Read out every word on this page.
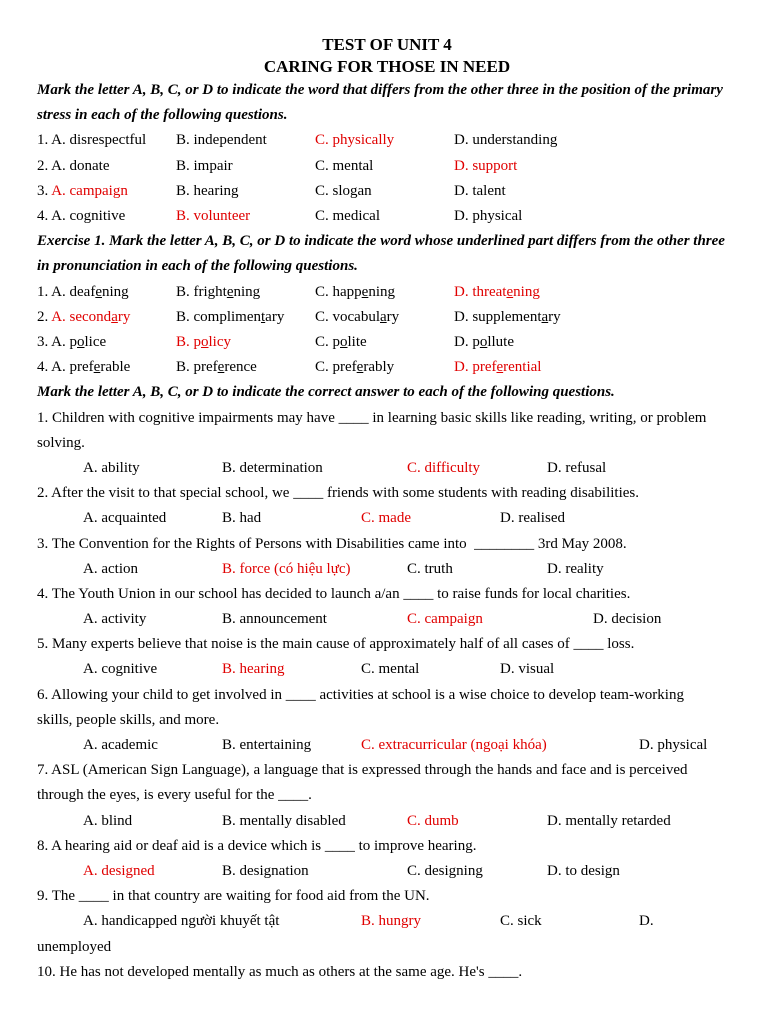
TEST OF UNIT 4
CARING FOR THOSE IN NEED
Mark the letter A, B, C, or D to indicate the word that differs from the other three in the position of the primary stress in each of the following questions.
1. A. disrespectful B. independent	C. physically	D. understanding
2. A. donate	B. impair	C. mental	D. support
3. A. campaign	B. hearing	C. slogan	D. talent
4. A. cognitive	B. volunteer	C. medical	D. physical
Exercise 1. Mark the letter A, B, C, or D to indicate the word whose underlined part differs from the other three in pronunciation in each of the following questions.
1. A. deafening	B. frightening	C. happening	D. threatening
2. A. secondary	B. complimentary C. vocabulary	D. supplementary
3. A. police	B. policy	C. polite	D. pollute
4. A. preferable	B. preference	C. preferably	D. preferential
Mark the letter A, B, C, or D to indicate the correct answer to each of the following questions.
1. Children with cognitive impairments may have ____ in learning basic skills like reading, writing, or problem
solving.
A. ability	B. determination	C. difficulty	D. refusal
2. After the visit to that special school, we ____ friends with some students with reading disabilities.
A. acquainted	B. had	C. made	D. realised
3. The Convention for the Rights of Persons with Disabilities came into  ________ 3rd May 2008.
A. action	B. force (có hiệu lực)	C. truth	D. reality
4. The Youth Union in our school has decided to launch a/an ____ to raise funds for local charities.
A. activity	B. announcement	C. campaign	D. decision
5. Many experts believe that noise is the main cause of approximately half of all cases of ____ loss.
A. cognitive	B. hearing	C. mental	D. visual
6. Allowing your child to get involved in ____ activities at school is a wise choice to develop team-working
skills, people skills, and more.
A. academic	B. entertaining	C. extracurricular (ngoại khóa)	D. physical
7. ASL (American Sign Language), a language that is expressed through the hands and face and is perceived
through the eyes, is every useful for the ____.
A. blind	B. mentally disabled	C. dumb	D. mentally retarded
8. A hearing aid or deaf aid is a device which is ____ to improve hearing.
A. designed	B. designation	C. designing	D. to design
9. The ____ in that country are waiting for food aid from the UN.
A. handicapped người khuyết tật	B. hungry	C. sick	D.
unemployed
10. He has not developed mentally as much as others at the same age. He's ____.
